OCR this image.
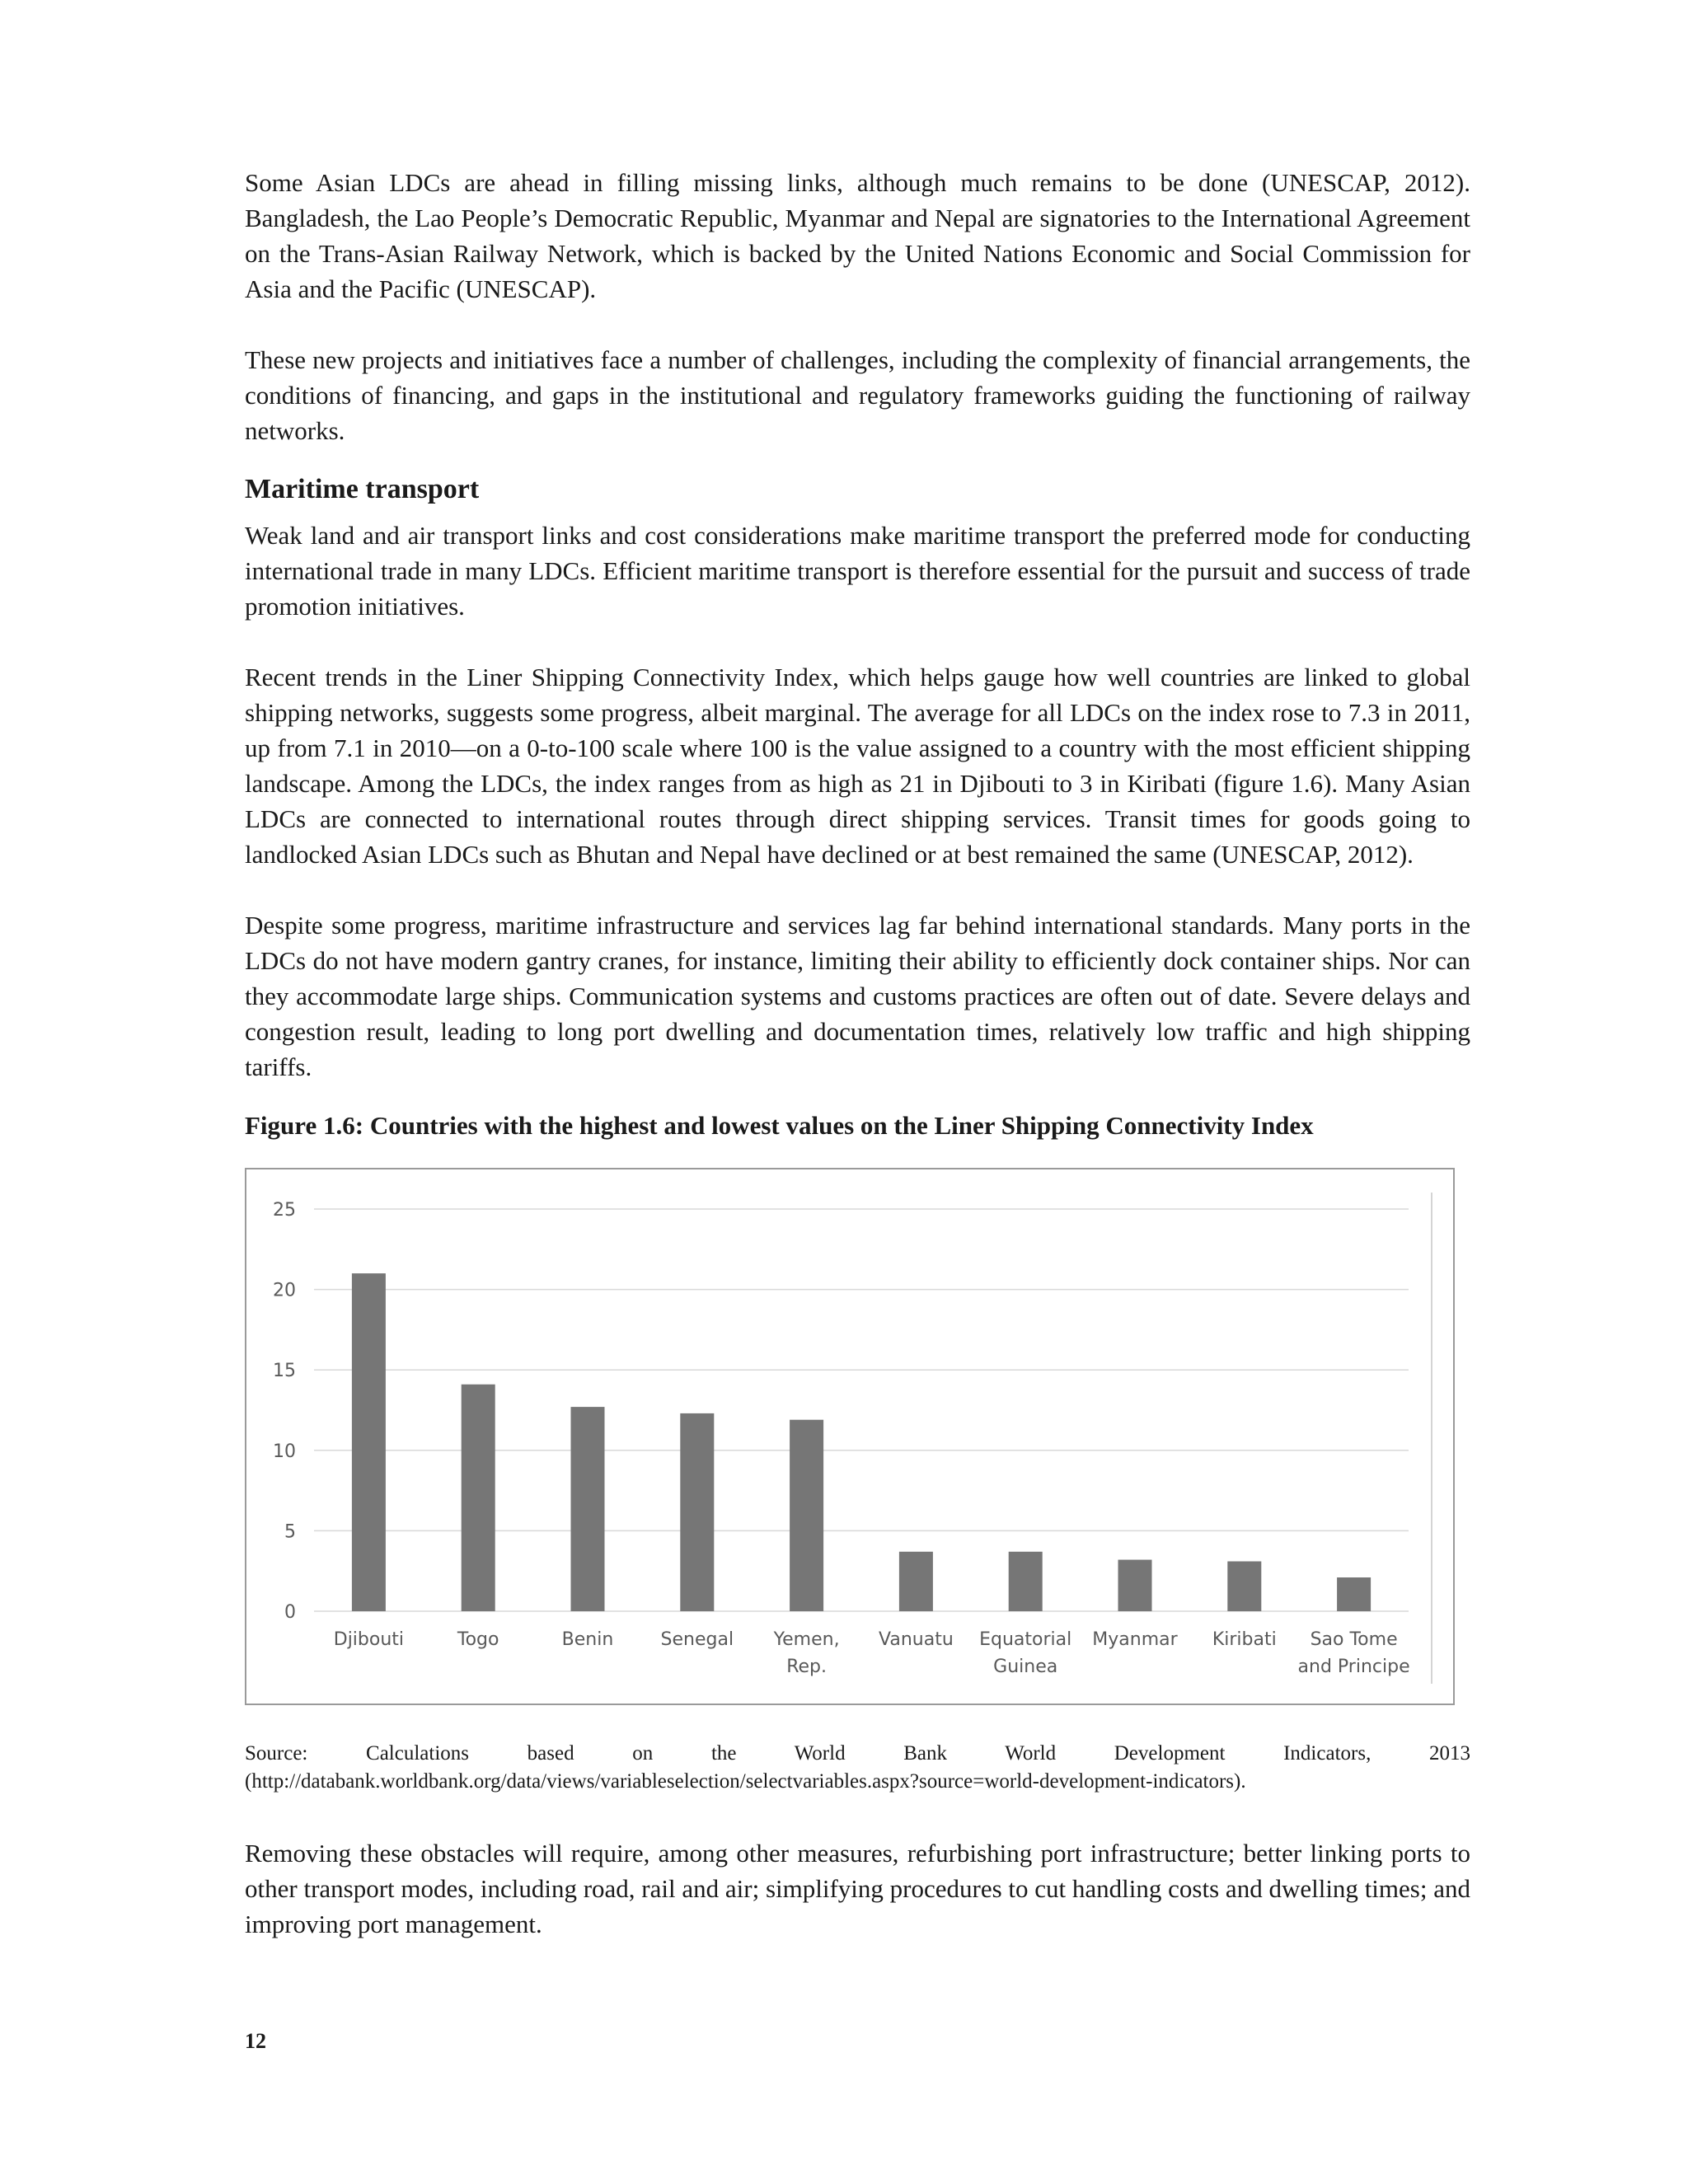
Some Asian LDCs are ahead in filling missing links, although much remains to be done (UNESCAP, 2012). Bangladesh, the Lao People’s Democratic Republic, Myanmar and Nepal are signatories to the International Agreement on the Trans-Asian Railway Network, which is backed by the United Nations Economic and Social Commission for Asia and the Pacific (UNESCAP).

These new projects and initiatives face a number of challenges, including the complexity of financial arrangements, the conditions of financing, and gaps in the institutional and regulatory frameworks guiding the functioning of railway networks.

Maritime transport

Weak land and air transport links and cost considerations make maritime transport the preferred mode for conducting international trade in many LDCs. Efficient maritime transport is therefore essential for the pursuit and success of trade promotion initiatives.

Recent trends in the Liner Shipping Connectivity Index, which helps gauge how well countries are linked to global shipping networks, suggests some progress, albeit marginal. The average for all LDCs on the index rose to 7.3 in 2011, up from 7.1 in 2010—on a 0-to-100 scale where 100 is the value assigned to a country with the most efficient shipping landscape. Among the LDCs, the index ranges from as high as 21 in Djibouti to 3 in Kiribati (figure 1.6). Many Asian LDCs are connected to international routes through direct shipping services. Transit times for goods going to landlocked Asian LDCs such as Bhutan and Nepal have declined or at best remained the same (UNESCAP, 2012).

Despite some progress, maritime infrastructure and services lag far behind international standards. Many ports in the LDCs do not have modern gantry cranes, for instance, limiting their ability to efficiently dock container ships. Nor can they accommodate large ships. Communication systems and customs practices are often out of date. Severe delays and congestion result, leading to long port dwelling and documentation times, relatively low traffic and high shipping tariffs.

Figure 1.6: Countries with the highest and lowest values on the Liner Shipping Connectivity Index
0
5
10
15
20
25
Djibouti	Togo	Benin	Senegal Yemen,
Rep.
Vanuatu Equatorial
Guinea
Myanmar Kiribati Sao Tome
and Principe

Source: Calculations based on the World Bank World Development Indicators, 2013 (http://databank.worldbank.org/data/views/variableselection/selectvariables.aspx?source=world-development-indicators).

Removing these obstacles will require, among other measures, refurbishing port infrastructure; better linking ports to other transport modes, including road, rail and air; simplifying procedures to cut handling costs and dwelling times; and improving port management.

12
